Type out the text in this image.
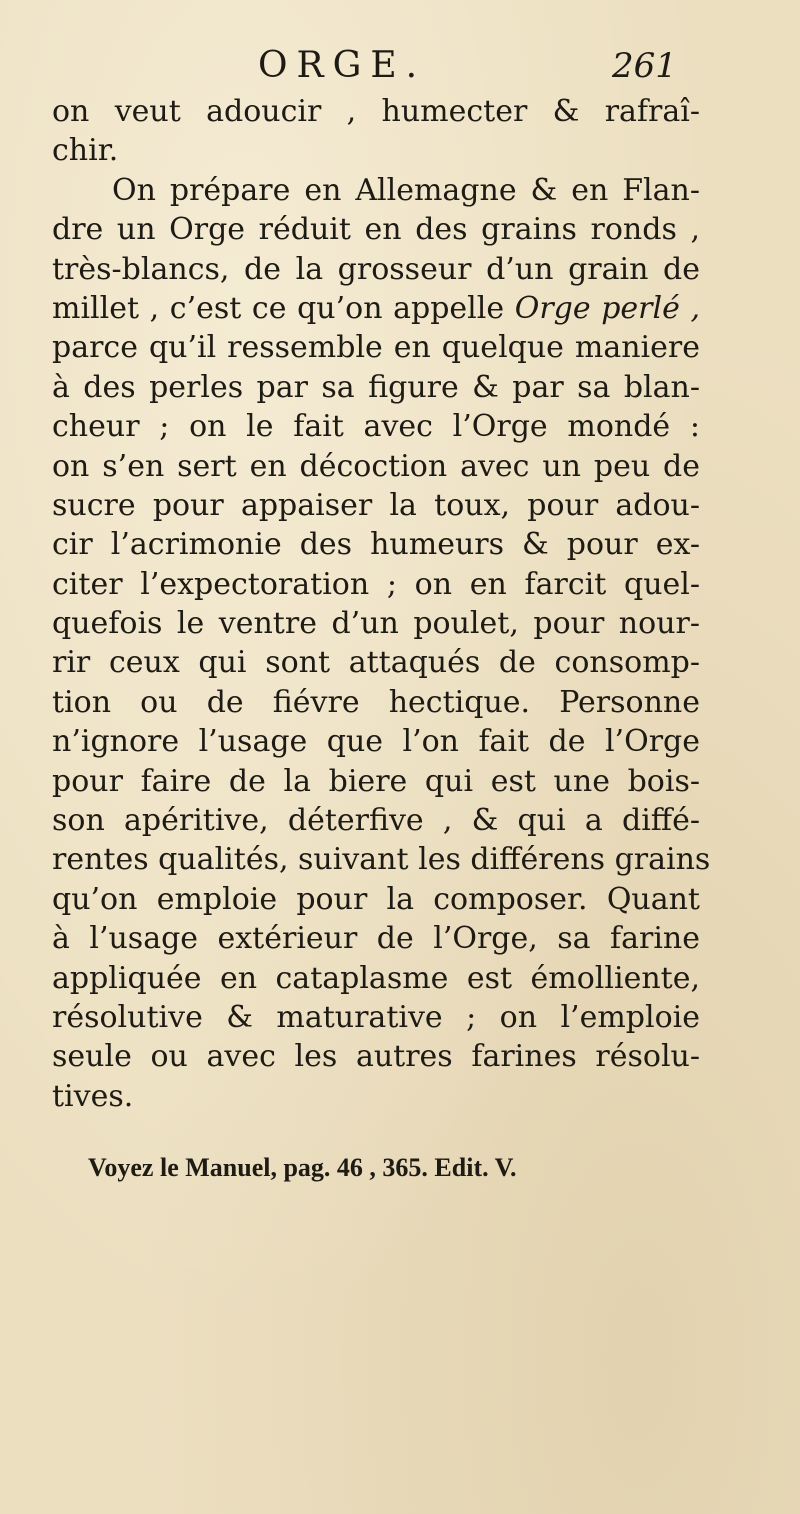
ORGE.	261
on veut adoucir , humecter & rafraî-
chir.
On prépare en Allemagne & en Flan-
dre un Orge réduit en des grains ronds ,
très-blancs, de la grosseur d’un grain de
millet , c’est ce qu’on appelle Orge perlé ,
parce qu’il ressemble en quelque maniere
à des perles par sa figure & par sa blan-
cheur ; on le fait avec l’Orge mondé :
on s’en sert en décoction avec un peu de
sucre pour appaiser la toux, pour adou-
cir l’acrimonie des humeurs & pour ex-
citer l’expectoration ; on en farcit quel-
quefois le ventre d’un poulet, pour nour-
rir ceux qui sont attaqués de consomp-
tion ou de fiévre hectique. Personne
n’ignore l’usage que l’on fait de l’Orge
pour faire de la biere qui est une bois-
son apéritive, déterfive , & qui a diffé-
rentes qualités, suivant les différens grains
qu’on emploie pour la composer. Quant
à l’usage extérieur de l’Orge, sa farine
appliquée en cataplasme est émolliente,
résolutive & maturative ; on l’emploie
seule ou avec les autres farines résolu-
tives.
Voyez le Manuel, pag. 46 , 365. Edit. V.
